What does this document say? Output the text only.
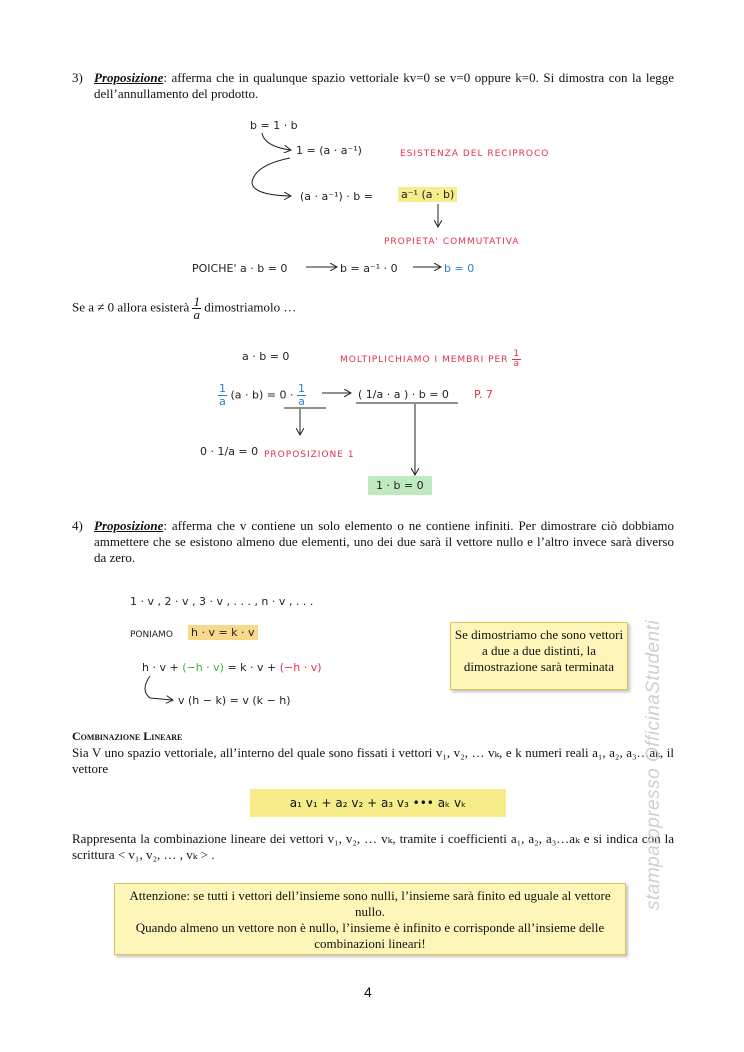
3) Proposizione: afferma che in qualunque spazio vettoriale kv=0 se v=0 oppure k=0. Si dimostra con la legge dell’annullamento del prodotto.
b = 1 · b
1 = (a · a⁻¹)	ESISTENZA DEL RECIPROCO
(a · a⁻¹) · b =	a⁻¹ (a · b)
PROPIETA' COMMUTATIVA
POICHE' a · b = 0	b = a⁻¹ · 0	b = 0
Se a ≠ 0 allora esisterà $\frac{1}{a}$ dimostriamolo …
a · b = 0	MOLTIPLICHIAMO I MEMBRI PER $\frac{1}{a}$
$\frac{1}{a} (a \cdot b) = 0 \cdot \frac{1}{a}$	( 1/a · a ) · b = 0 P. 7
0 · 1/a = 0 PROPOSIZIONE 1
1 · b = 0
4) Proposizione: afferma che v contiene un solo elemento o ne contiene infiniti. Per dimostrare ciò dobbiamo ammettere che se esistono almeno due elementi, uno dei due sarà il vettore nullo e l’altro invece sarà diverso da zero.
1 · v , 2 · v , 3 · v , . . . , n · v , . . .
PONIAMO h · v = k · v
h · v + (−h · v) = k · v + (−h · v)
v (h − k) = v (k − h)
Se dimostriamo che sono vettori a due a due distinti, la dimostrazione sarà terminata
Combinazione Lineare
Sia V uno spazio vettoriale, all’interno del quale sono fissati i vettori v₁, v₂, … vₖ, e k numeri reali a₁, a₂, a₃…aₖ, il vettore
a₁ v₁ + a₂ v₂ + a₃ v₃ ••• aₖ vₖ
Rappresenta la combinazione lineare dei vettori v₁, v₂, … vₖ, tramite i coefficienti a₁, a₂, a₃…aₖ e si indica con la scrittura < v₁, v₂, … , vₖ > .
Attenzione: se tutti i vettori dell’insieme sono nulli, l’insieme sarà finito ed uguale al vettore nullo.
Quando almeno un vettore non è nullo, l’insieme è infinito e corrisponde all’insieme delle combinazioni lineari!
stampatopresso OfficinaStudenti
4
